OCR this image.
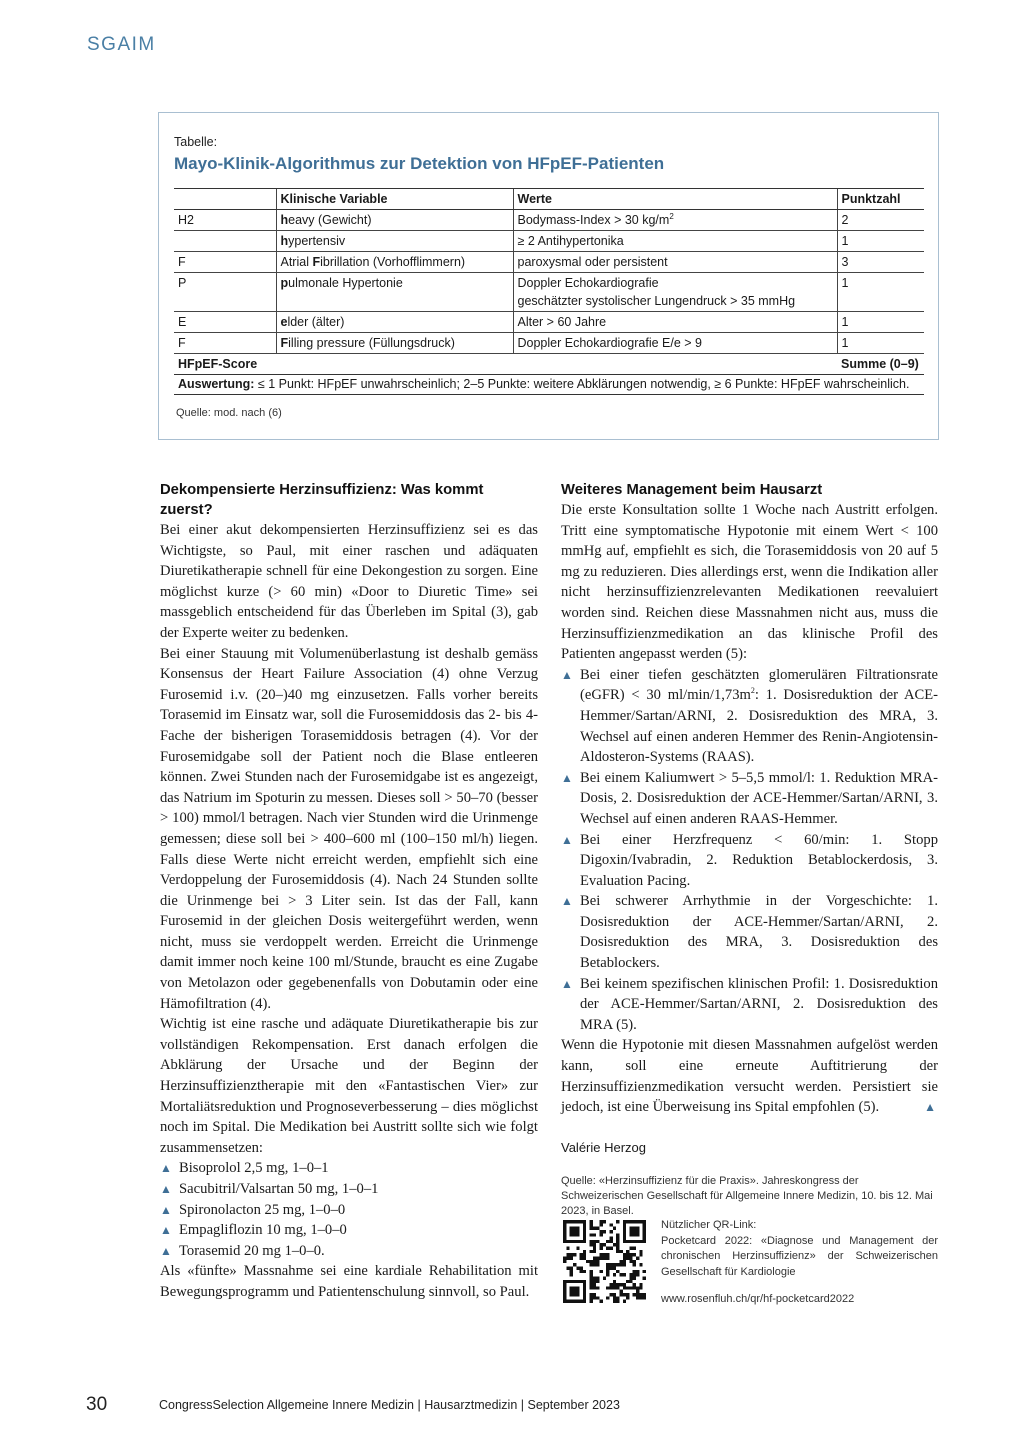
SGAIM
Tabelle:
Mayo-Klinik-Algorithmus zur Detektion von HFpEF-Patienten
	Klinische Variable	Werte	Punktzahl
H2	heavy (Gewicht)	Bodymass-Index > 30 $kg/m^2$	2
	hypertensiv	≥ 2 Antihypertonika	1
F	Atrial Fibrillation (Vorhofflimmern)	paroxysmal oder persistent	3
P	pulmonale Hypertonie	Doppler Echokardiografie
geschätzter systolischer Lungendruck > 35 mmHg	1
E	elder (älter)	Alter > 60 Jahre	1
F	Filling pressure (Füllungsdruck)	Doppler Echokardiografie E/e > 9	1
HFpEF-Score			Summe (0–9)
Auswertung: ≤ 1 Punkt: HFpEF unwahrscheinlich; 2–5 Punkte: weitere Abklärungen notwendig, ≥ 6 Punkte: HFpEF wahrscheinlich.
Quelle: mod. nach (6)
Dekompensierte Herzinsuffizienz: Was kommt zuerst?

Bei einer akut dekompensierten Herzinsuffizienz sei es das Wichtigste, so Paul, mit einer raschen und adäquaten Diuretikatherapie schnell für eine Dekongestion zu sorgen. Eine möglichst kurze (> 60 min) «Door to Diuretic Time» sei massgeblich entscheidend für das Überleben im Spital (3), gab der Experte weiter zu bedenken.

Bei einer Stauung mit Volumenüberlastung ist deshalb gemäss Konsensus der Heart Failure Association (4) ohne Verzug Furosemid i.v. (20–)40 mg einzusetzen. Falls vorher bereits Torasemid im Einsatz war, soll die Furosemiddosis das 2- bis 4-Fache der bisherigen Torasemiddosis betragen (4). Vor der Furosemidgabe soll der Patient noch die Blase entleeren können. Zwei Stunden nach der Furosemidgabe ist es angezeigt, das Natrium im Spoturin zu messen. Dieses soll > 50–70 (besser > 100) mmol/l betragen. Nach vier Stunden wird die Urinmenge gemessen; diese soll bei > 400–600 ml (100–150 ml/h) liegen. Falls diese Werte nicht erreicht werden, empfiehlt sich eine Verdoppelung der Furosemiddosis (4). Nach 24 Stunden sollte die Urinmenge bei > 3 Liter sein. Ist das der Fall, kann Furosemid in der gleichen Dosis weitergeführt werden, wenn nicht, muss sie verdoppelt werden. Erreicht die Urinmenge damit immer noch keine 100 ml/Stunde, braucht es eine Zugabe von Metolazon oder gegebenenfalls von Dobutamin oder eine Hämofiltration (4).

Wichtig ist eine rasche und adäquate Diuretikatherapie bis zur vollständigen Rekompensation. Erst danach erfolgen die Abklärung der Ursache und der Beginn der Herzinsuffizienztherapie mit den «Fantastischen Vier» zur Mortaliätsreduktion und Prognoseverbesserung – dies möglichst noch im Spital. Die Medikation bei Austritt sollte sich wie folgt zusammensetzen:

▲ Bisoprolol 2,5 mg, 1–0–1
▲ Sacubitril/Valsartan 50 mg, 1–0–1
▲ Spironolacton 25 mg, 1–0–0
▲ Empagliflozin 10 mg, 1–0–0
▲ Torasemid 20 mg 1–0–0.

Als «fünfte» Massnahme sei eine kardiale Rehabilitation mit Bewegungsprogramm und Patientenschulung sinnvoll, so Paul.

Weiteres Management beim Hausarzt

Die erste Konsultation sollte 1 Woche nach Austritt erfolgen. Tritt eine symptomatische Hypotonie mit einem Wert < 100 mmHg auf, empfiehlt es sich, die Torasemiddosis von 20 auf 5 mg zu reduzieren. Dies allerdings erst, wenn die Indikation aller nicht herzinsuffizienzrelevanten Medikationen reevaluiert worden sind. Reichen diese Massnahmen nicht aus, muss die Herzinsuffizienzmedikation an das klinische Profil des Patienten angepasst werden (5):

▲ Bei einer tiefen geschätzten glomerulären Filtrationsrate (eGFR) < 30 $ml/\min/1,73m^2$: 1. Dosisreduktion der ACE-Hemmer/Sartan/ARNI, 2. Dosisreduktion des MRA, 3. Wechsel auf einen anderen Hemmer des Renin-Angiotensin-Aldosteron-Systems (RAAS).
▲ Bei einem Kaliumwert > 5–5,5 mmol/l: 1. Reduktion MRA-Dosis, 2. Dosisreduktion der ACE-Hemmer/Sartan/ARNI, 3. Wechsel auf einen anderen RAAS-Hemmer.
▲ Bei einer Herzfrequenz < 60/min: 1. Stopp Digoxin/Ivabradin, 2. Reduktion Betablockerdosis, 3. Evaluation Pacing.
▲ Bei schwerer Arrhythmie in der Vorgeschichte: 1. Dosisreduktion der ACE-Hemmer/Sartan/ARNI, 2. Dosisreduktion des MRA, 3. Dosisreduktion des Betablockers.
▲ Bei keinem spezifischen klinischen Profil: 1. Dosisreduktion der ACE-Hemmer/Sartan/ARNI, 2. Dosisreduktion des MRA (5).

Wenn die Hypotonie mit diesen Massnahmen aufgelöst werden kann, soll eine erneute Auftitrierung der Herzinsuffizienzmedikation versucht werden. Persistiert sie jedoch, ist eine Überweisung ins Spital empfohlen (5).	▲

Valérie Herzog
Quelle: «Herzinsuffizienz für die Praxis». Jahreskongress der Schweizerischen Gesellschaft für Allgemeine Innere Medizin, 10. bis 12. Mai 2023, in Basel.
Nützlicher QR-Link:
Pocketcard 2022: «Diagnose und Management der chronischen Herzinsuffizienz» der Schweizerischen Gesellschaft für Kardiologie
www.rosenfluh.ch/qr/hf-pocketcard2022
30	CongressSelection Allgemeine Innere Medizin | Hausarztmedizin | September 2023
